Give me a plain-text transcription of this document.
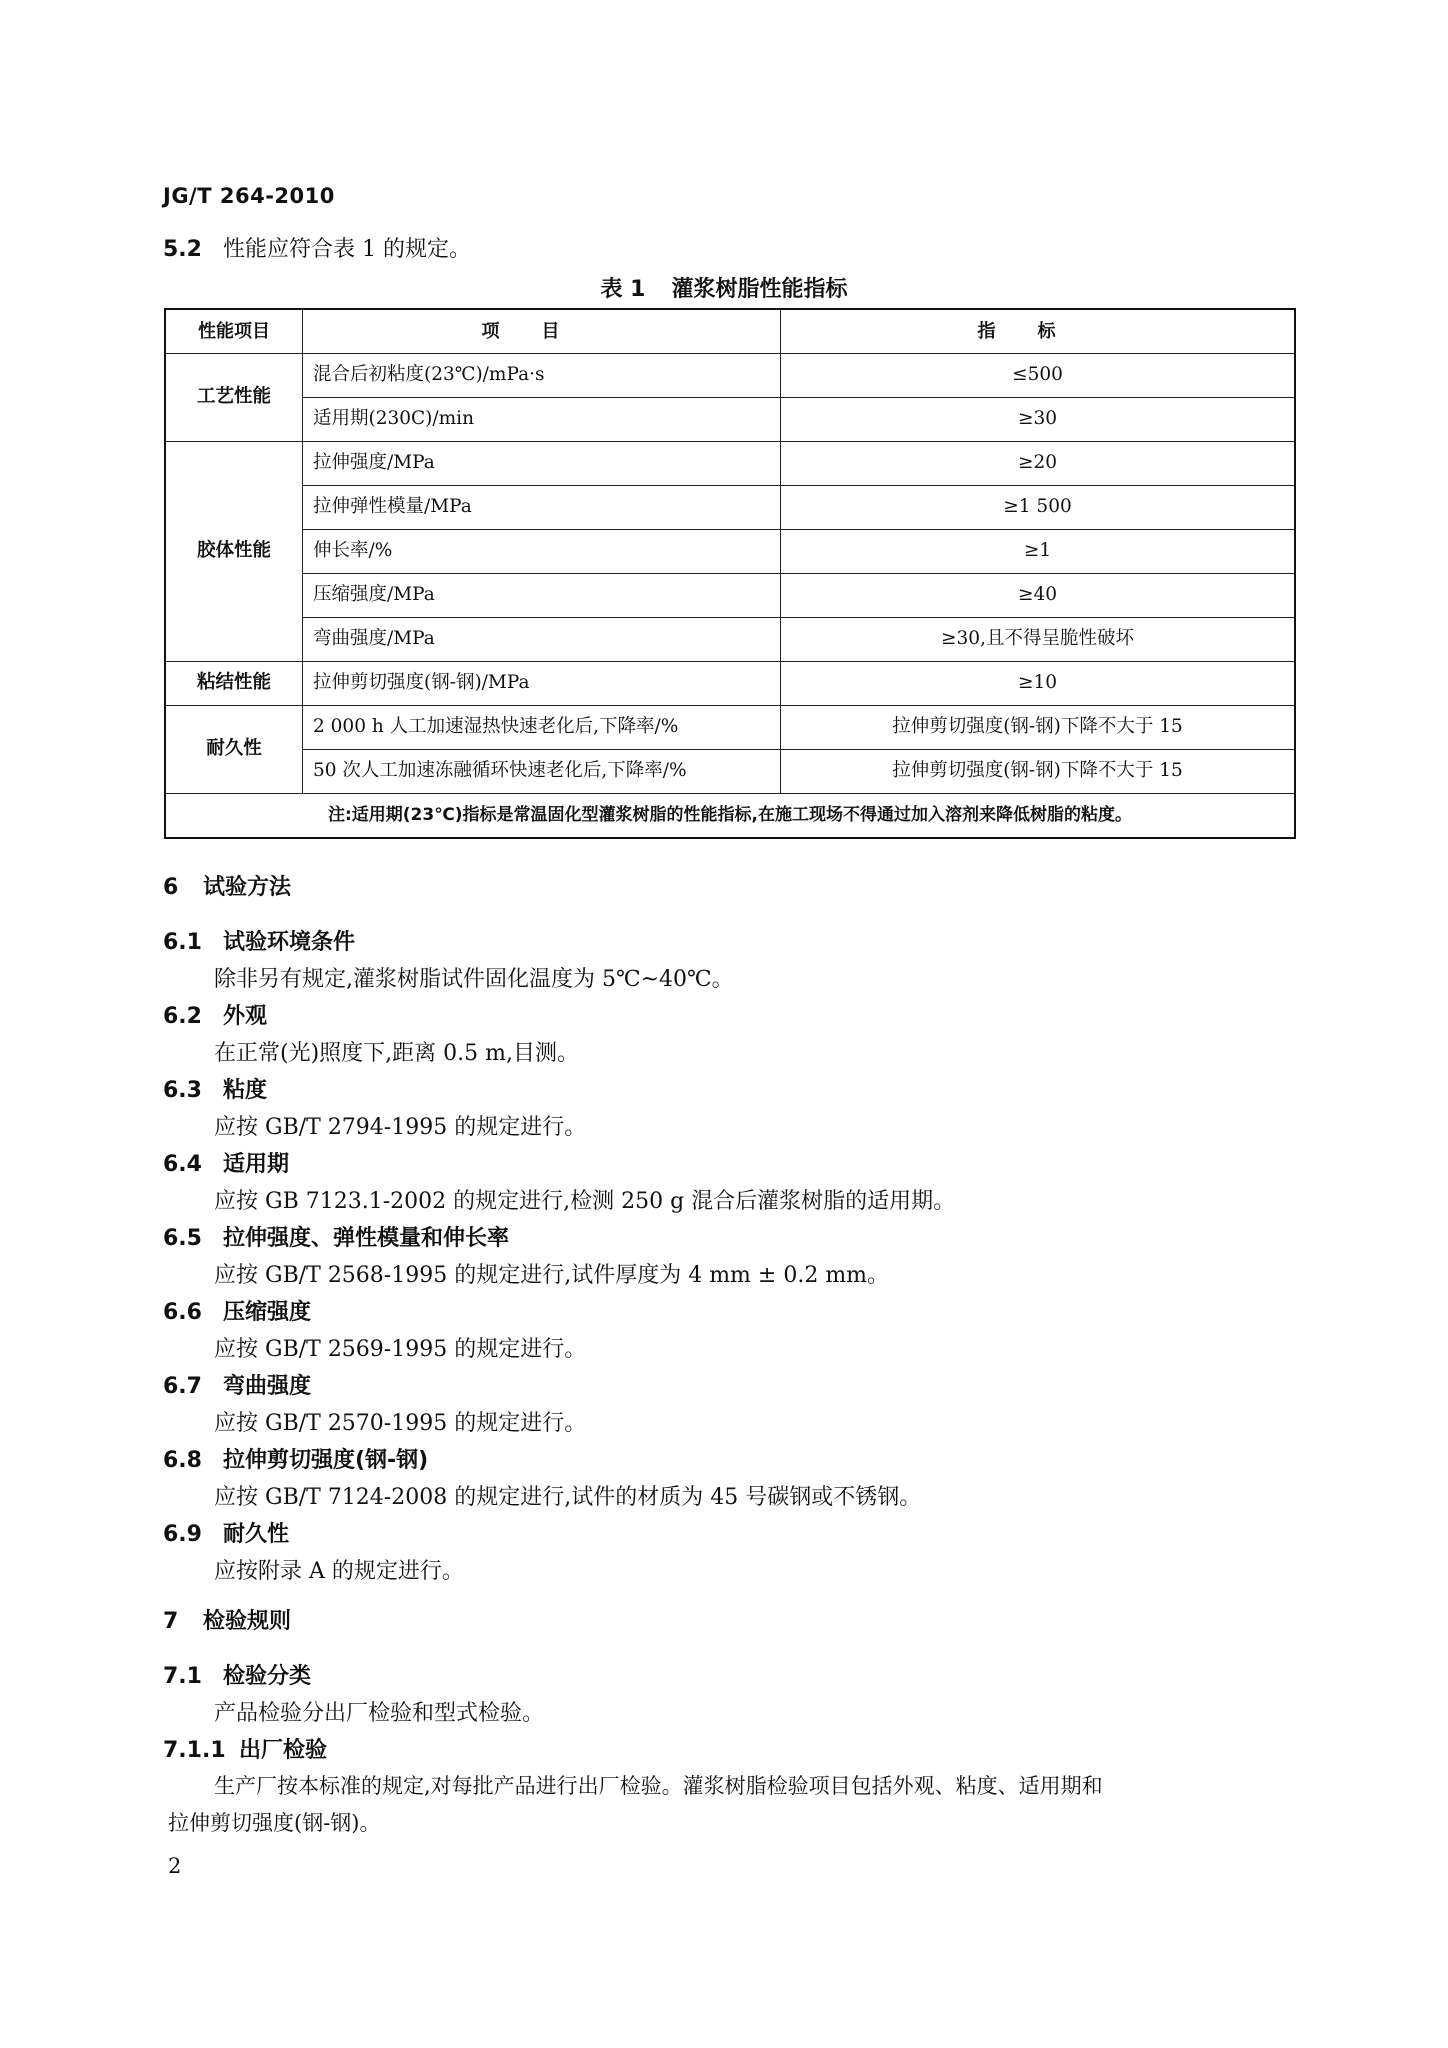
JG/T 264-2010
5.2 性能应符合表 1 的规定。
表 1 灌浆树脂性能指标
性能项目	项目	指标
工艺性能	混合后初粘度(23℃)/mPa·s	≤500
	适用期(230C)/min	≥30
胶体性能	拉伸强度/MPa	≥20
	拉伸弹性模量/MPa	≥1 500
	伸长率/%	≥1
	压缩强度/MPa	≥40
	弯曲强度/MPa	≥30,且不得呈脆性破坏
粘结性能	拉伸剪切强度(钢-钢)/MPa	≥10
耐久性	2 000 h 人工加速湿热快速老化后,下降率/%	拉伸剪切强度(钢-钢)下降不大于 15
	50 次人工加速冻融循环快速老化后,下降率/%	拉伸剪切强度(钢-钢)下降不大于 15
注:适用期(23℃)指标是常温固化型灌浆树脂的性能指标,在施工现场不得通过加入溶剂来降低树脂的粘度。		
6 试验方法
6.1 试验环境条件
除非另有规定,灌浆树脂试件固化温度为 5℃~40℃。
6.2 外观
在正常(光)照度下,距离 0.5 m,目测。
6.3 粘度
应按 GB/T 2794-1995 的规定进行。
6.4 适用期
应按 GB 7123.1-2002 的规定进行,检测 250 g 混合后灌浆树脂的适用期。
6.5 拉伸强度、弹性模量和伸长率
应按 GB/T 2568-1995 的规定进行,试件厚度为 4 mm ± 0.2 mm。
6.6 压缩强度
应按 GB/T 2569-1995 的规定进行。
6.7 弯曲强度
应按 GB/T 2570-1995 的规定进行。
6.8 拉伸剪切强度(钢-钢)
应按 GB/T 7124-2008 的规定进行,试件的材质为 45 号碳钢或不锈钢。
6.9 耐久性
应按附录 A 的规定进行。
7 检验规则
7.1 检验分类
产品检验分出厂检验和型式检验。
7.1.1 出厂检验
生产厂按本标准的规定,对每批产品进行出厂检验。灌浆树脂检验项目包括外观、粘度、适用期和
拉伸剪切强度(钢-钢)。
2
